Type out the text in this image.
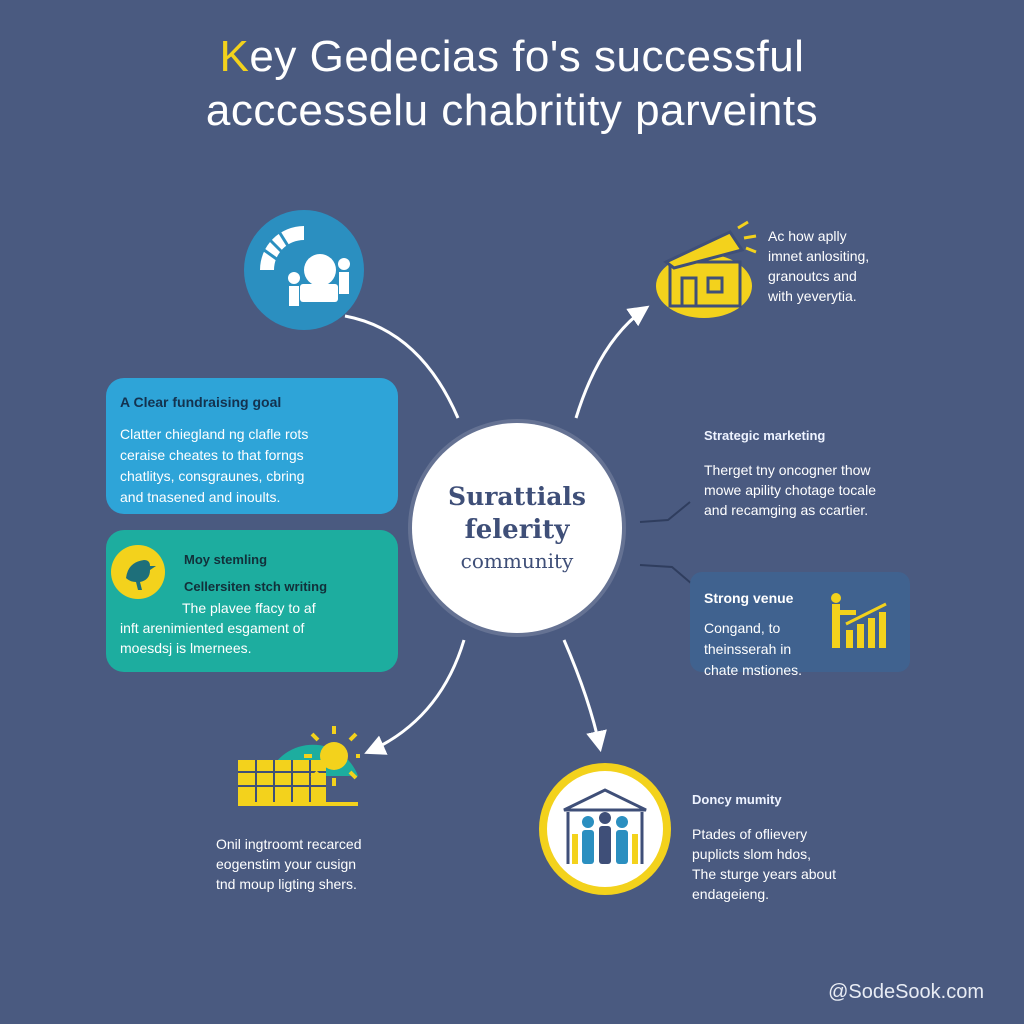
Key Gedecias fo's successful
acccesselu chabritity parveints
Ac how aplly
imnet anlοsiting,
granoutcs and
with yeverytia.
Strategic marketing
Therget tny oncogner thow
mowe apility chotage tocale
and recamging as ccartier.
A Clear fundraising goal
Clatter chiegland ng clafle rots
ceraise cheates to that forngs
chatlitys, consgraunes, cbring
and tnasened and inoults.
Moy stemling
Cellersiten stch writing
The plavee ffacy to af
inft arenimiented esgament of
moesdsj is lmernees.
Surattials
felerity
community
Strong venue
Congand, to
theinsserah in
chate mstiones.
Onil ingtroomt recarced
eogenstim your cusign
tnd moup ligting shers.
Doncy mumity
Ptades of oflievery
puplicts slom hdos,
The sturge years about
endageieng.
@SodeSook.com
